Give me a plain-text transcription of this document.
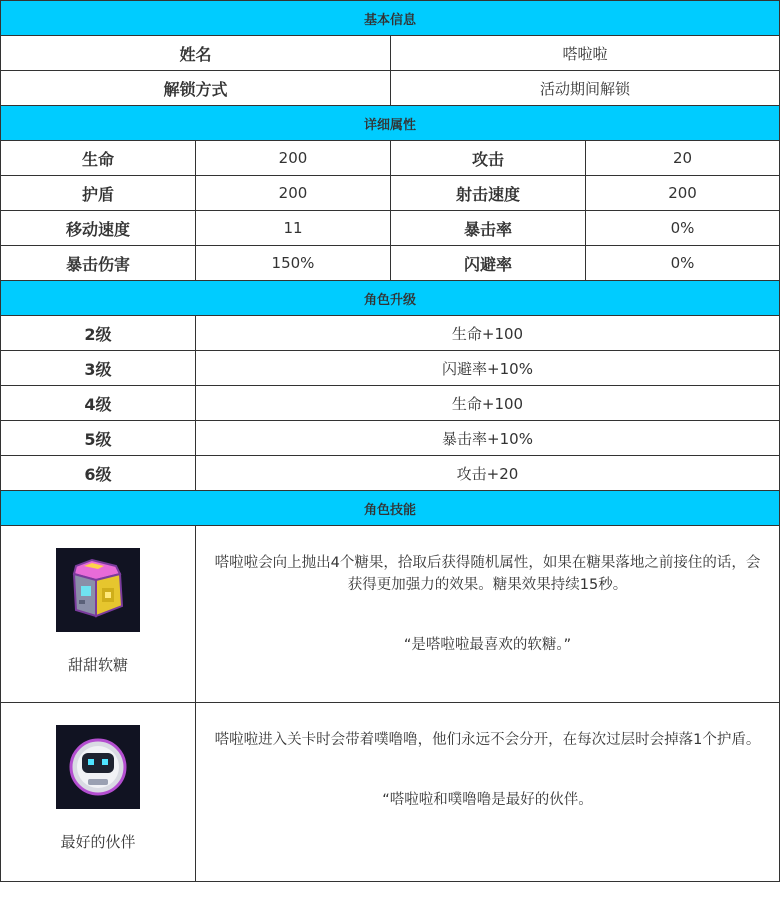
基本信息			
姓名		嗒啦啦	
解锁方式		活动期间解锁	
详细属性			
生命	200	攻击	20
护盾	200	射击速度	200
移动速度	11	暴击率	0%
暴击伤害	150%	闪避率	0%
角色升级			
2级	生命+100		
3级	闪避率+10%		
4级	生命+100		
5级	暴击率+10%		
6级	攻击+20		
角色技能			

甜甜软糖	嗒啦啦会向上抛出4个糖果，拾取后获得随机属性，如果在糖果落地之前接住的话，会获得更加强力的效果。糖果效果持续15秒。
“是嗒啦啦最喜欢的软糖。”		

最好的伙伴	嗒啦啦进入关卡时会带着噗噜噜，他们永远不会分开，在每次过层时会掉落1个护盾。
“嗒啦啦和噗噜噜是最好的伙伴。		
